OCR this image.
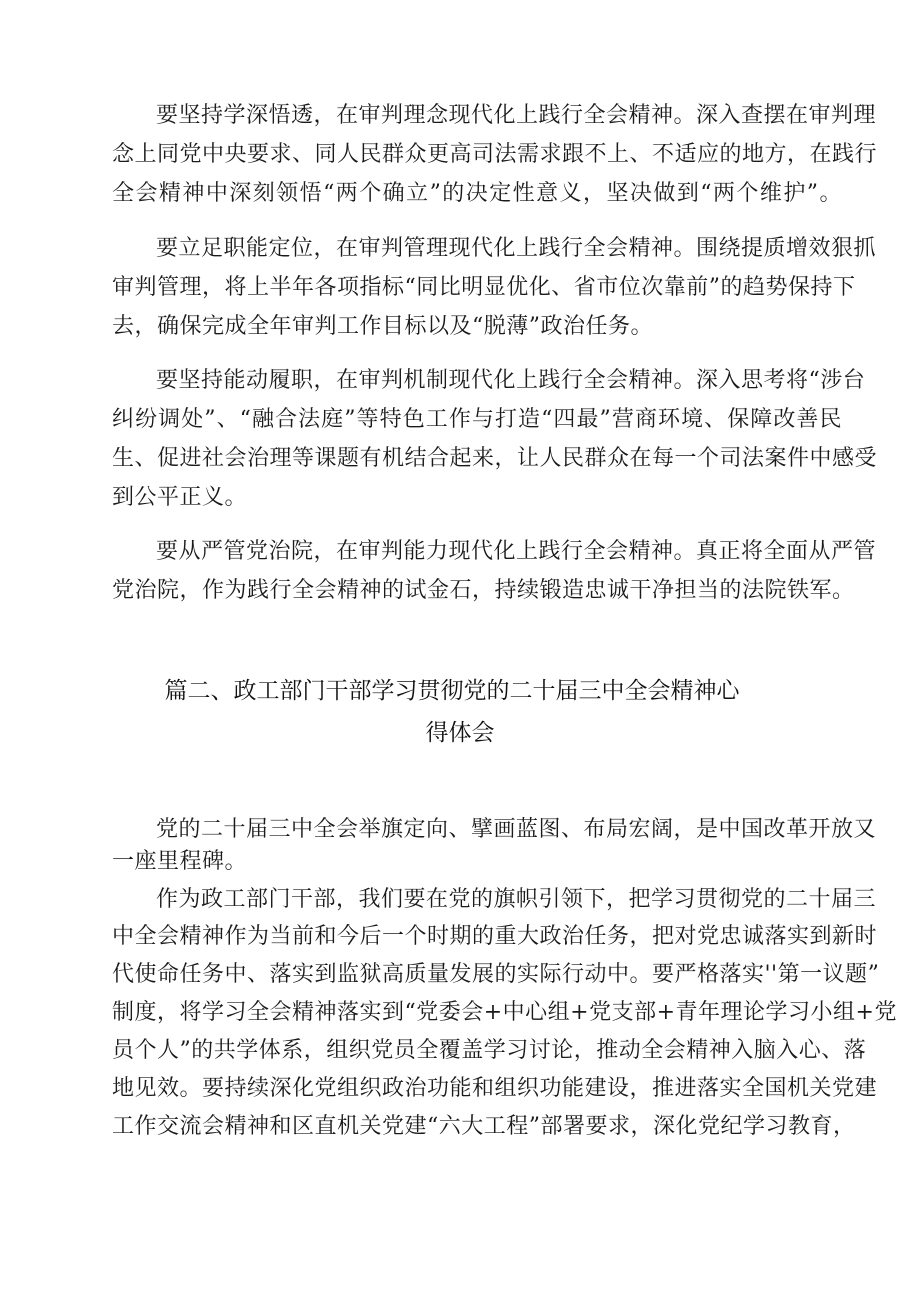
要坚持学深悟透，在审判理念现代化上践行全会精神。深入查摆在审判理
念上同党中央要求、同人民群众更高司法需求跟不上、不适应的地方，在践行
全会精神中深刻领悟“两个确立”的决定性意义，坚决做到“两个维护”。
要立足职能定位，在审判管理现代化上践行全会精神。围绕提质增效狠抓
审判管理，将上半年各项指标“同比明显优化、省市位次靠前”的趋势保持下
去，确保完成全年审判工作目标以及“脱薄”政治任务。
要坚持能动履职，在审判机制现代化上践行全会精神。深入思考将“涉台
纠纷调处”、“融合法庭”等特色工作与打造“四最”营商环境、保障改善民
生、促进社会治理等课题有机结合起来，让人民群众在每一个司法案件中感受
到公平正义。
要从严管党治院，在审判能力现代化上践行全会精神。真正将全面从严管
党治院，作为践行全会精神的试金石，持续锻造忠诚干净担当的法院铁军。
篇二、政工部门干部学习贯彻党的二十届三中全会精神心
得体会
党的二十届三中全会举旗定向、擘画蓝图、布局宏阔，是中国改革开放又
一座里程碑。
作为政工部门干部，我们要在党的旗帜引领下，把学习贯彻党的二十届三
中全会精神作为当前和今后一个时期的重大政治任务，把对党忠诚落实到新时
代使命任务中、落实到监狱高质量发展的实际行动中。要严格落实''第一议题”
制度，将学习全会精神落实到“党委会+中心组+党支部+青年理论学习小组+党
员个人”的共学体系，组织党员全覆盖学习讨论，推动全会精神入脑入心、落
地见效。要持续深化党组织政治功能和组织功能建设，推进落实全国机关党建
工作交流会精神和区直机关党建“六大工程”部署要求，深化党纪学习教育，
